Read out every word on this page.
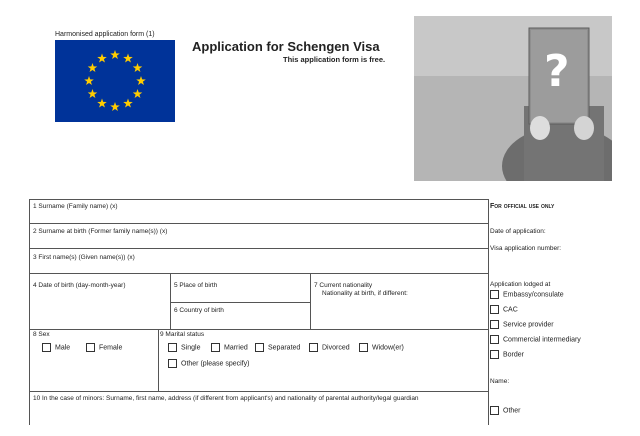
Harmonised application form (1)
Application for Schengen Visa
This application form is free.	?
1 Surname (Family name) (x)
2 Surname at birth (Former family name(s)) (x)
3 First name(s) (Given name(s)) (x)
4 Date of birth (day-month-year)	5 Place of birth
6 Country of birth
7 Current nationality
Nationality at birth, if different:
8 Sex
Male	Female
9 Marital status
Single	Married	Separated	Divorced	Widow(er)
Other (please specify)
10 In the case of minors: Surname, first name, address (if different from applicant's) and nationality of parental authority/legal guardian
For official use only
Date of application:
Visa application number:
Application lodged at
Embassy/consulate
CAC
Service provider
Commercial intermediary
Border
Name:
Other
